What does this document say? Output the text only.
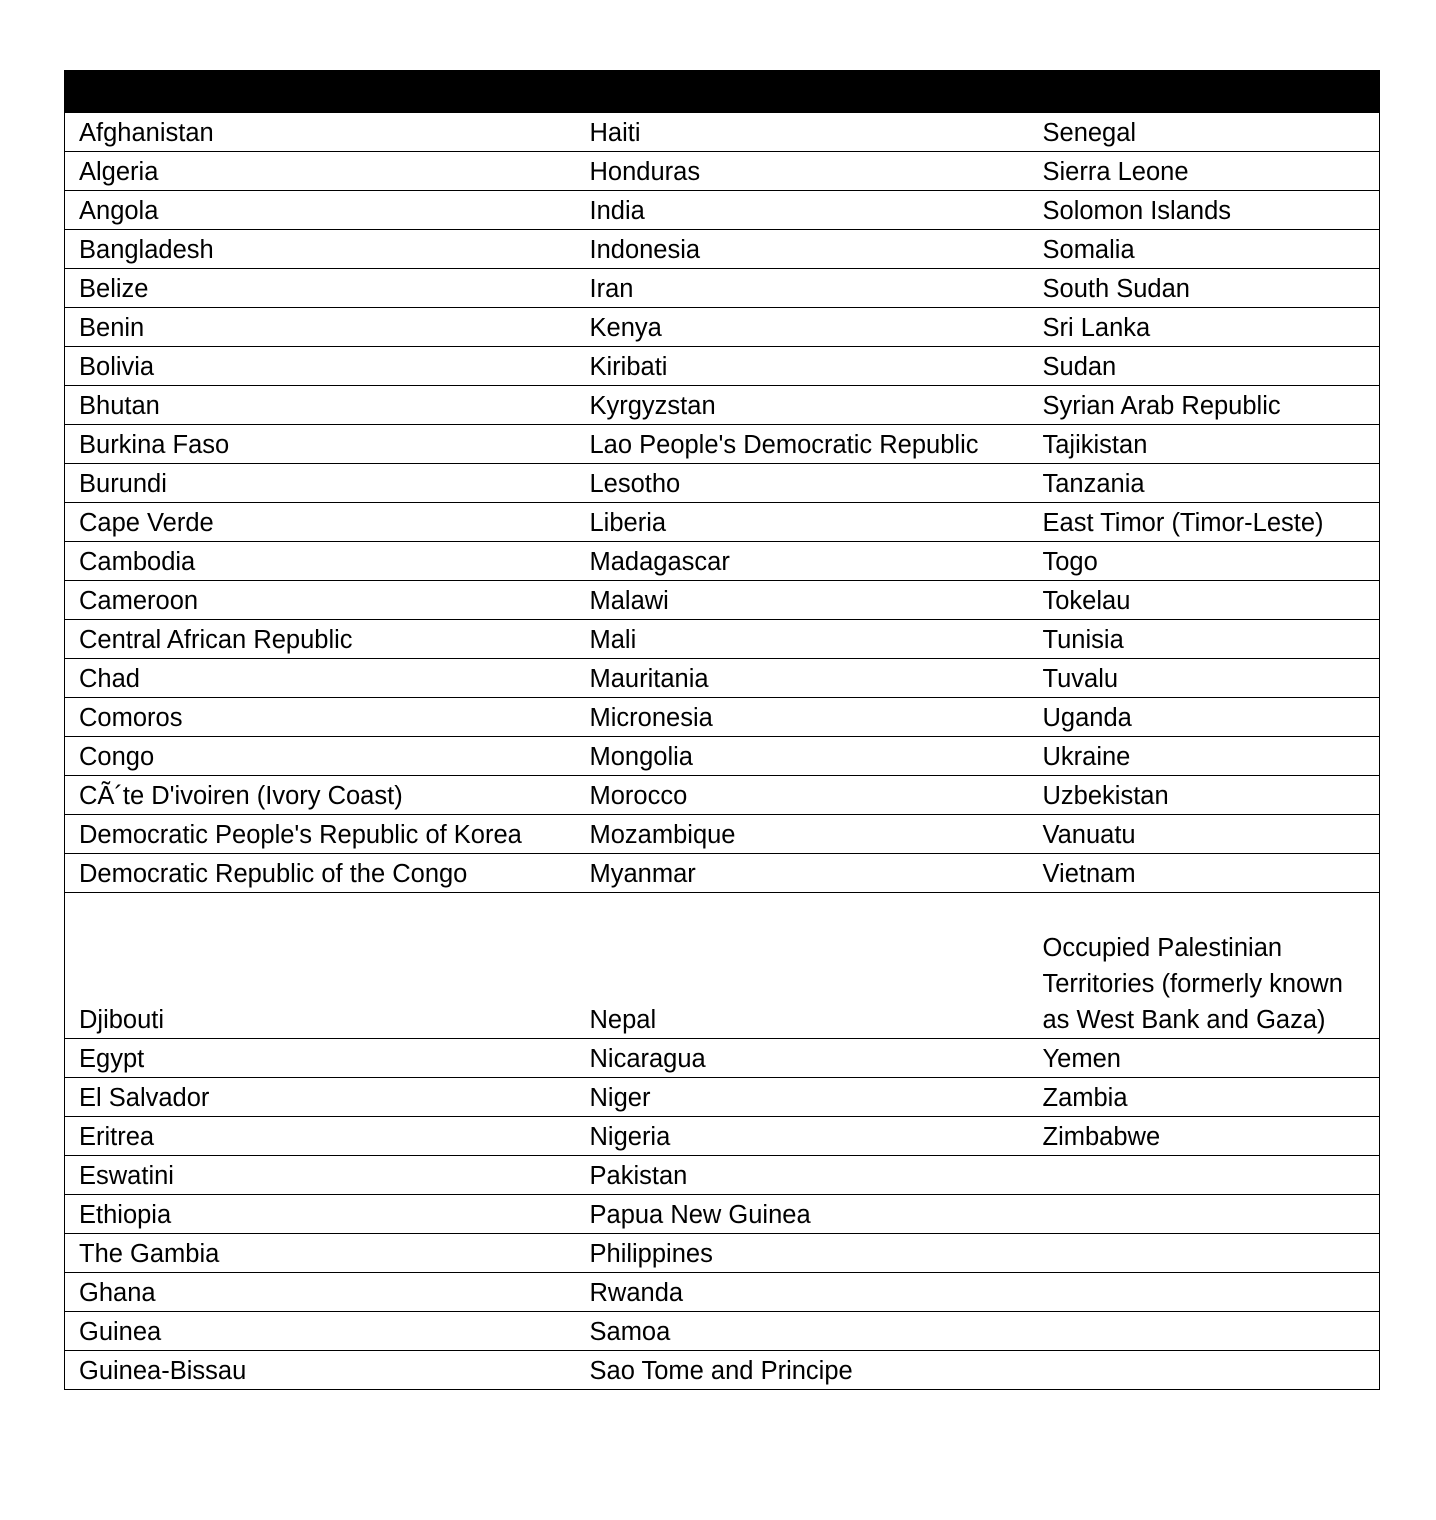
Afghanistan	Haiti	Senegal

Algeria	Honduras	Sierra Leone

Angola	India	Solomon Islands

Bangladesh	Indonesia	Somalia

Belize	Iran	South Sudan

Benin	Kenya	Sri Lanka

Bolivia	Kiribati	Sudan

Bhutan	Kyrgyzstan	Syrian Arab Republic

Burkina Faso	Lao People's Democratic Republic	Tajikistan

Burundi	Lesotho	Tanzania

Cape Verde	Liberia	East Timor (Timor-Leste)

Cambodia	Madagascar	Togo

Cameroon	Malawi	Tokelau

Central African Republic	Mali	Tunisia

Chad	Mauritania	Tuvalu

Comoros	Micronesia	Uganda

Congo	Mongolia	Ukraine

CÃ´te D'ivoiren (Ivory Coast)	Morocco	Uzbekistan

Democratic People's Republic of Korea	Mozambique	Vanuatu

Democratic Republic of the Congo	Myanmar	Vietnam

Djibouti	Nepal	Occupied Palestinian Territories (formerly known as West Bank and Gaza)

Egypt	Nicaragua	Yemen

El Salvador	Niger	Zambia

Eritrea	Nigeria	Zimbabwe

Eswatini	Pakistan	

Ethiopia	Papua New Guinea	

The Gambia	Philippines	

Ghana	Rwanda	

Guinea	Samoa	

Guinea-Bissau	Sao Tome and Principe	
